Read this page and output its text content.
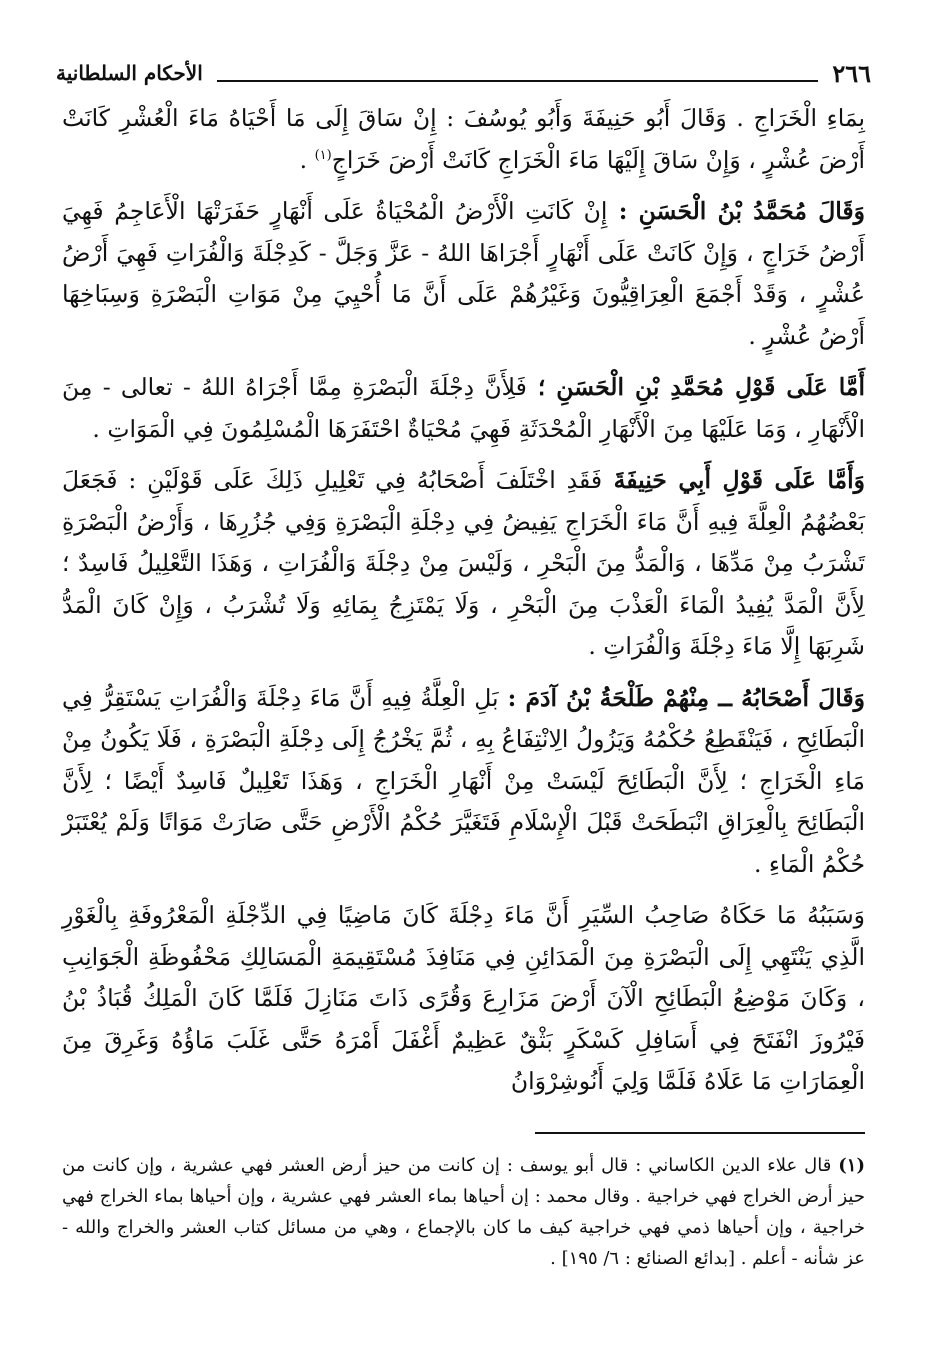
٢٦٦
الأحكام السلطانية

بِمَاءِ الْخَرَاجِ . وَقَالَ أَبُو حَنِيفَةَ وَأَبُو يُوسُفَ : إِنْ سَاقَ إِلَى مَا أَحْيَاهُ مَاءَ الْعُشْرِ كَانَتْ أَرْضَ عُشْرٍ ، وَإِنْ سَاقَ إِلَيْهَا مَاءَ الْخَرَاجِ كَانَتْ أَرْضَ خَرَاجٍ$^{(١)}$ .

وَقَالَ مُحَمَّدُ بْنُ الْحَسَنِ : إِنْ كَانَتِ الْأَرْضُ الْمُحْيَاةُ عَلَى أَنْهَارٍ حَفَرَتْهَا الْأَعَاجِمُ فَهِيَ أَرْضُ خَرَاجٍ ، وَإِنْ كَانَتْ عَلَى أَنْهَارٍ أَجْرَاهَا اللهُ - عَزَّ وَجَلَّ - كَدِجْلَةَ وَالْفُرَاتِ فَهِيَ أَرْضُ عُشْرٍ ، وَقَدْ أَجْمَعَ الْعِرَاقِيُّونَ وَغَيْرُهُمْ عَلَى أَنَّ مَا أُحْيِيَ مِنْ مَوَاتِ الْبَصْرَةِ وَسِبَاخِهَا أَرْضُ عُشْرٍ .

أَمَّا عَلَى قَوْلِ مُحَمَّدِ بْنِ الْحَسَنِ ؛ فَلِأَنَّ دِجْلَةَ الْبَصْرَةِ مِمَّا أَجْرَاهُ اللهُ - تعالى - مِنَ الْأَنْهَارِ ، وَمَا عَلَيْهَا مِنَ الْأَنْهَارِ الْمُحْدَثَةِ فَهِيَ مُحْيَاةٌ احْتَفَرَهَا الْمُسْلِمُونَ فِي الْمَوَاتِ .

وَأَمَّا عَلَى قَوْلِ أَبِي حَنِيفَةَ فَقَدِ اخْتَلَفَ أَصْحَابُهُ فِي تَعْلِيلِ ذَلِكَ عَلَى قَوْلَيْنِ : فَجَعَلَ بَعْضُهُمُ الْعِلَّةَ فِيهِ أَنَّ مَاءَ الْخَرَاجِ يَفِيضُ فِي دِجْلَةِ الْبَصْرَةِ وَفِي جُزُرِهَا ، وَأَرْضُ الْبَصْرَةِ تَشْرَبُ مِنْ مَدِّهَا ، وَالْمَدُّ مِنَ الْبَحْرِ ، وَلَيْسَ مِنْ دِجْلَةَ وَالْفُرَاتِ ، وَهَذَا التَّعْلِيلُ فَاسِدٌ ؛ لِأَنَّ الْمَدَّ يُفِيدُ الْمَاءَ الْعَذْبَ مِنَ الْبَحْرِ ، وَلَا يَمْتَزِجُ بِمَائِهِ وَلَا تُشْرَبُ ، وَإِنْ كَانَ الْمَدُّ شَرِبَهَا إِلَّا مَاءَ دِجْلَةَ وَالْفُرَاتِ .

وَقَالَ أَصْحَابُهُ ــ مِنْهُمْ طَلْحَةُ بْنُ آدَمَ : بَلِ الْعِلَّةُ فِيهِ أَنَّ مَاءَ دِجْلَةَ وَالْفُرَاتِ يَسْتَقِرُّ فِي الْبَطَائِحِ ، فَيَنْقَطِعُ حُكْمُهُ وَيَزُولُ الِانْتِفَاعُ بِهِ ، ثُمَّ يَخْرُجُ إِلَى دِجْلَةِ الْبَصْرَةِ ، فَلَا يَكُونُ مِنْ مَاءِ الْخَرَاجِ ؛ لِأَنَّ الْبَطَائِحَ لَيْسَتْ مِنْ أَنْهَارِ الْخَرَاجِ ، وَهَذَا تَعْلِيلٌ فَاسِدٌ أَيْضًا ؛ لِأَنَّ الْبَطَائِحَ بِالْعِرَاقِ انْبَطَحَتْ قَبْلَ الْإِسْلَامِ فَتَغَيَّرَ حُكْمُ الْأَرْضِ حَتَّى صَارَتْ مَوَاتًا وَلَمْ يُعْتَبَرْ حُكْمُ الْمَاءِ .

وَسَبَبُهُ مَا حَكَاهُ صَاحِبُ السِّيَرِ أَنَّ مَاءَ دِجْلَةَ كَانَ مَاضِيًا فِي الدِّجْلَةِ الْمَعْرُوفَةِ بِالْغَوْرِ الَّذِي يَنْتَهِي إِلَى الْبَصْرَةِ مِنَ الْمَدَائِنِ فِي مَنَافِذَ مُسْتَقِيمَةِ الْمَسَالِكِ مَحْفُوظَةِ الْجَوَانِبِ ، وَكَانَ مَوْضِعُ الْبَطَائِحِ الْآنَ أَرْضَ مَزَارِعَ وَقُرًى ذَاتَ مَنَازِلَ فَلَمَّا كَانَ الْمَلِكُ قُبَاذُ بْنُ فَيْرُوزَ انْفَتَحَ فِي أَسَافِلِ كَسْكَرٍ بَثْقٌ عَظِيمٌ أَغْفَلَ أَمْرَهُ حَتَّى غَلَبَ مَاؤُهُ وَغَرِقَ مِنَ الْعِمَارَاتِ مَا عَلَاهُ فَلَمَّا وَلِيَ أَنُوشِرْوَانُ

(١) قال علاء الدين الكاساني : قال أبو يوسف : إن كانت من حيز أرض العشر فهي عشرية ، وإن كانت من حيز أرض الخراج فهي خراجية . وقال محمد : إن أحياها بماء العشر فهي عشرية ، وإن أحياها بماء الخراج فهي خراجية ، وإن أحياها ذمي فهي خراجية كيف ما كان بالإجماع ، وهي من مسائل كتاب العشر والخراج والله - عز شأنه - أعلم . [بدائع الصنائع : ٦/ ١٩٥] .
